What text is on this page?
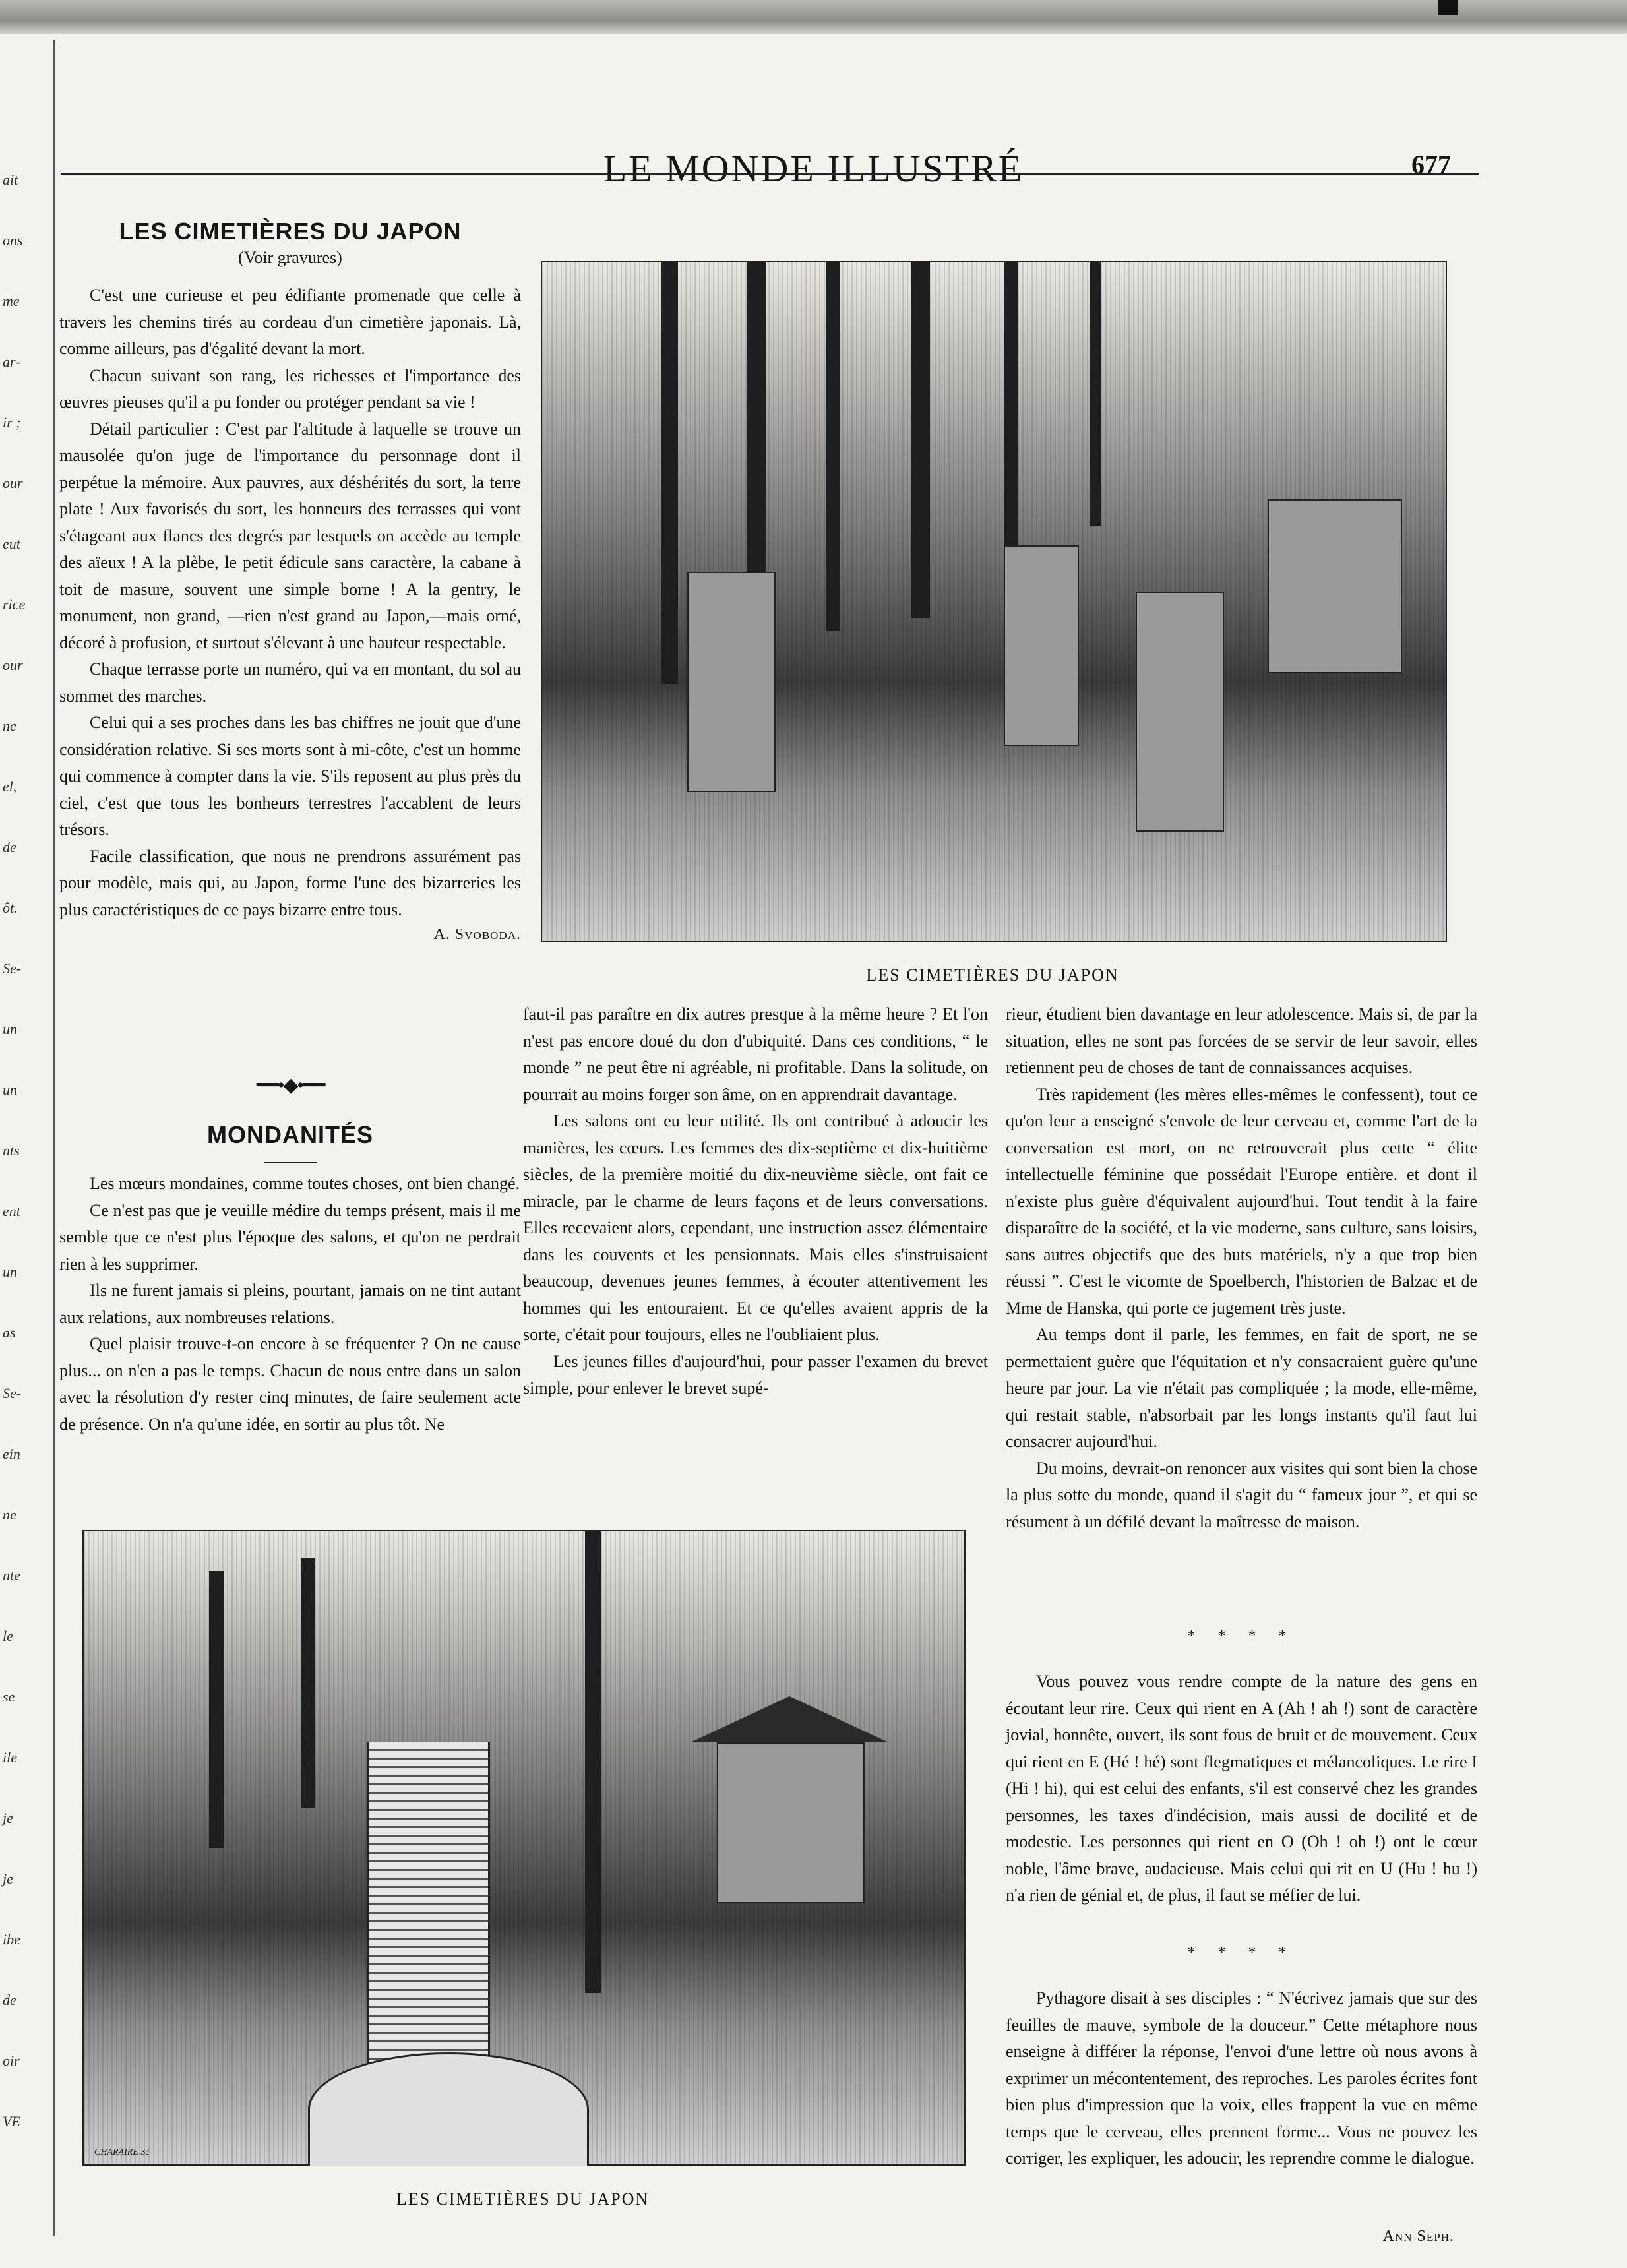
ait
ons
me
ar-
ir ;
our
eut
rice
our
ne
el,
de
ôt.
Se-
un
un
nts
ent
un
as
Se-
ein
ne
nte
le
se
ile
je
je
ibe
de
oir
VE
LE MONDE ILLUSTRÉ	677
LES CIMETIÈRES DU JAPON
(Voir gravures)

C'est une curieuse et peu édifiante promenade que celle à travers les chemins tirés au cordeau d'un cimetière japonais. Là, comme ailleurs, pas d'égalité devant la mort.

Chacun suivant son rang, les richesses et l'importance des œuvres pieuses qu'il a pu fonder ou protéger pendant sa vie !

Détail particulier : C'est par l'altitude à laquelle se trouve un mausolée qu'on juge de l'importance du personnage dont il perpétue la mémoire. Aux pauvres, aux déshérités du sort, la terre plate ! Aux favorisés du sort, les honneurs des terrasses qui vont s'étageant aux flancs des degrés par lesquels on accède au temple des aïeux ! A la plèbe, le petit édicule sans caractère, la cabane à toit de masure, souvent une simple borne ! A la gentry, le monument, non grand, —rien n'est grand au Japon,—mais orné, décoré à profusion, et surtout s'élevant à une hauteur respectable.

Chaque terrasse porte un numéro, qui va en montant, du sol au sommet des marches.

Celui qui a ses proches dans les bas chiffres ne jouit que d'une considération relative. Si ses morts sont à mi-côte, c'est un homme qui commence à compter dans la vie. S'ils reposent au plus près du ciel, c'est que tous les bonheurs terrestres l'accablent de leurs trésors.

Facile classification, que nous ne prendrons assurément pas pour modèle, mais qui, au Japon, forme l'une des bizarreries les plus caractéristiques de ce pays bizarre entre tous.

A. Svoboda.
━━•◆•━━
MONDANITÉS

Les mœurs mondaines, comme toutes choses, ont bien changé.

Ce n'est pas que je veuille médire du temps présent, mais il me semble que ce n'est plus l'époque des salons, et qu'on ne perdrait rien à les supprimer.

Ils ne furent jamais si pleins, pourtant, jamais on ne tint autant aux relations, aux nombreuses relations.

Quel plaisir trouve-t-on encore à se fréquenter ? On ne cause plus... on n'en a pas le temps. Chacun de nous entre dans un salon avec la résolution d'y rester cinq minutes, de faire seulement acte de présence. On n'a qu'une idée, en sortir au plus tôt. Ne

LES CIMETIÈRES DU JAPON

faut-il pas paraître en dix autres presque à la même heure ? Et l'on n'est pas encore doué du don d'ubiquité. Dans ces conditions, “ le monde ” ne peut être ni agréable, ni profitable. Dans la solitude, on pourrait au moins forger son âme, on en apprendrait davantage.

Les salons ont eu leur utilité. Ils ont contribué à adoucir les manières, les cœurs. Les femmes des dix-septième et dix-huitième siècles, de la première moitié du dix-neuvième siècle, ont fait ce miracle, par le charme de leurs façons et de leurs conversations. Elles recevaient alors, cependant, une instruction assez élémentaire dans les couvents et les pensionnats. Mais elles s'instruisaient beaucoup, devenues jeunes femmes, à écouter attentivement les hommes qui les entouraient. Et ce qu'elles avaient appris de la sorte, c'était pour toujours, elles ne l'oubliaient plus.

Les jeunes filles d'aujourd'hui, pour passer l'examen du brevet simple, pour enlever le brevet supé-

rieur, étudient bien davantage en leur adolescence. Mais si, de par la situation, elles ne sont pas forcées de se servir de leur savoir, elles retiennent peu de choses de tant de connaissances acquises.

Très rapidement (les mères elles-mêmes le confessent), tout ce qu'on leur a enseigné s'envole de leur cerveau et, comme l'art de la conversation est mort, on ne retrouverait plus cette “ élite intellectuelle féminine que possédait l'Europe entière. et dont il n'existe plus guère d'équivalent aujourd'hui. Tout tendit à la faire disparaître de la société, et la vie moderne, sans culture, sans loisirs, sans autres objectifs que des buts matériels, n'y a que trop bien réussi ”. C'est le vicomte de Spoelberch, l'historien de Balzac et de Mme de Hanska, qui porte ce jugement très juste.

Au temps dont il parle, les femmes, en fait de sport, ne se permettaient guère que l'équitation et n'y consacraient guère qu'une heure par jour. La vie n'était pas compliquée ; la mode, elle-même, qui restait stable, n'absorbait par les longs instants qu'il faut lui consacrer aujourd'hui.

Du moins, devrait-on renoncer aux visites qui sont bien la chose la plus sotte du monde, quand il s'agit du “ fameux jour ”, et qui se résument à un défilé devant la maîtresse de maison.

* * * *

Vous pouvez vous rendre compte de la nature des gens en écoutant leur rire. Ceux qui rient en A (Ah ! ah !) sont de caractère jovial, honnête, ouvert, ils sont fous de bruit et de mouvement. Ceux qui rient en E (Hé ! hé) sont flegmatiques et mélancoliques. Le rire I (Hi ! hi), qui est celui des enfants, s'il est conservé chez les grandes personnes, les taxes d'indécision, mais aussi de docilité et de modestie. Les personnes qui rient en O (Oh ! oh !) ont le cœur noble, l'âme brave, audacieuse. Mais celui qui rit en U (Hu ! hu !) n'a rien de génial et, de plus, il faut se méfier de lui.

* * * *

Pythagore disait à ses disciples : “ N'écrivez jamais que sur des feuilles de mauve, symbole de la douceur.” Cette métaphore nous enseigne à différer la réponse, l'envoi d'une lettre où nous avons à exprimer un mécontentement, des reproches. Les paroles écrites font bien plus d'impression que la voix, elles frappent la vue en même temps que le cerveau, elles prennent forme... Vous ne pouvez les corriger, les expliquer, les adoucir, les reprendre comme le dialogue.

Ann Seph.
CHARAIRE Sc
LES CIMETIÈRES DU JAPON
